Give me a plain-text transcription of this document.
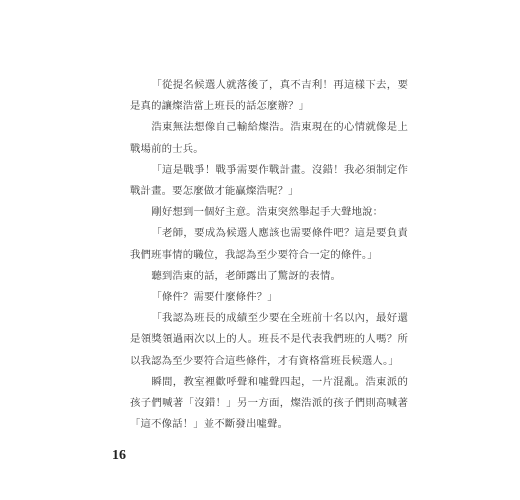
「從提名候選人就落後了，真不吉利！再這樣下去，要是真的讓燦浩當上班長的話怎麼辦？」

浩東無法想像自己輸給燦浩。浩東現在的心情就像是上戰場前的士兵。

「這是戰爭！戰爭需要作戰計畫。沒錯！我必須制定作戰計畫。要怎麼做才能贏燦浩呢？」

剛好想到一個好主意。浩東突然舉起手大聲地說：

「老師，要成為候選人應該也需要條件吧？這是要負責我們班事情的職位，我認為至少要符合一定的條件。」

聽到浩東的話，老師露出了驚訝的表情。

「條件？需要什麼條件？」

「我認為班長的成績至少要在全班前十名以內，最好還是領獎領過兩次以上的人。班長不是代表我們班的人嗎？所以我認為至少要符合這些條件，才有資格當班長候選人。」

瞬間，教室裡歡呼聲和噓聲四起，一片混亂。浩東派的孩子們喊著「沒錯！」另一方面，燦浩派的孩子們則高喊著「這不像話！」並不斷發出噓聲。

16
